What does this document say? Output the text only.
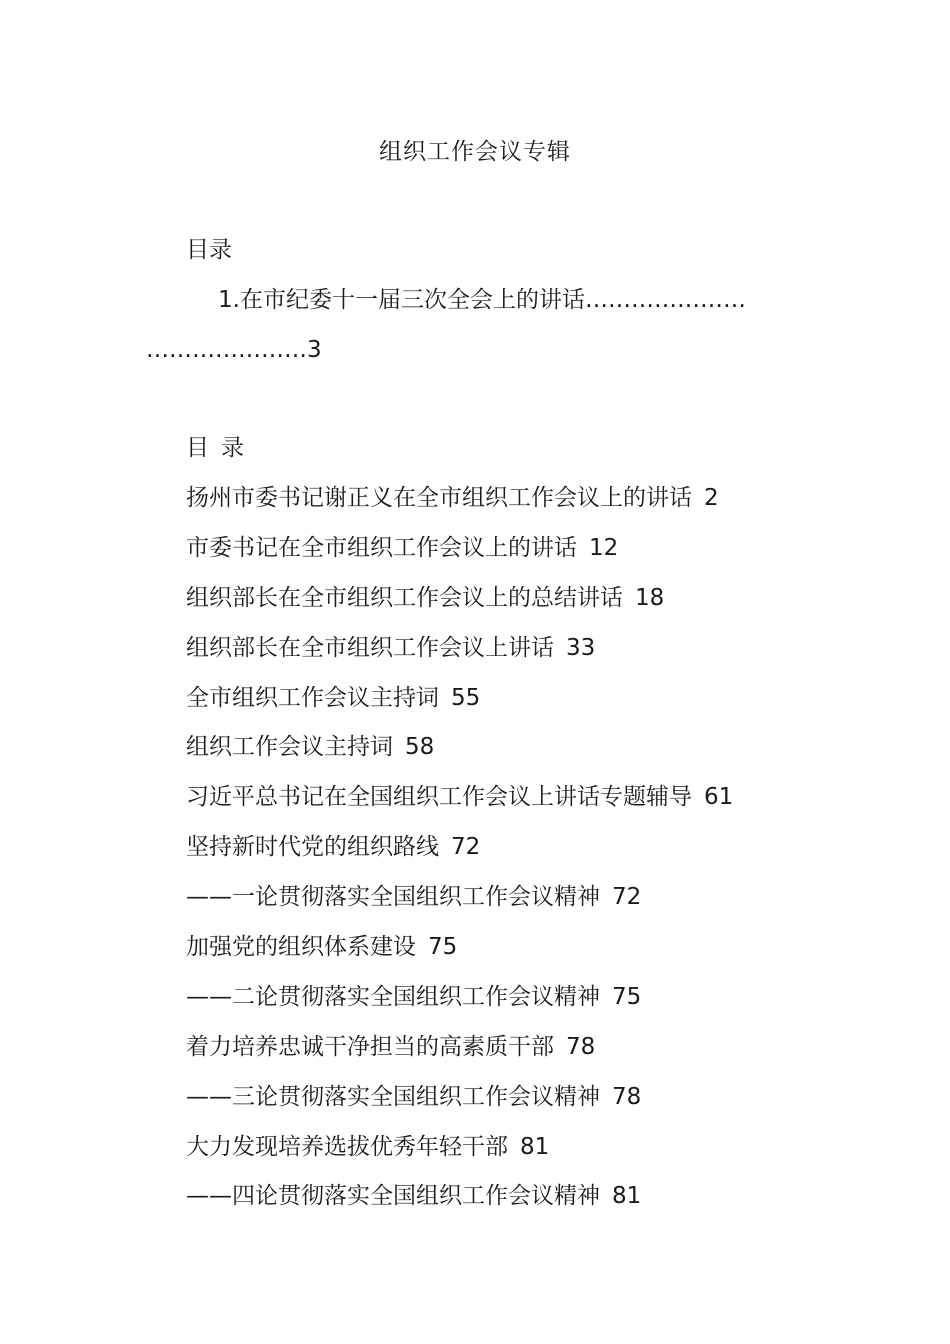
组织工作会议专辑
目录
1.在市纪委十一届三次全会上的讲话…………………
…………………3
目录
扬州市委书记谢正义在全市组织工作会议上的讲话 2
市委书记在全市组织工作会议上的讲话 12
组织部长在全市组织工作会议上的总结讲话 18
组织部长在全市组织工作会议上讲话 33
全市组织工作会议主持词 55
组织工作会议主持词 58
习近平总书记在全国组织工作会议上讲话专题辅导 61
坚持新时代党的组织路线 72
——一论贯彻落实全国组织工作会议精神 72
加强党的组织体系建设 75
——二论贯彻落实全国组织工作会议精神 75
着力培养忠诚干净担当的高素质干部 78
——三论贯彻落实全国组织工作会议精神 78
大力发现培养选拔优秀年轻干部 81
——四论贯彻落实全国组织工作会议精神 81
